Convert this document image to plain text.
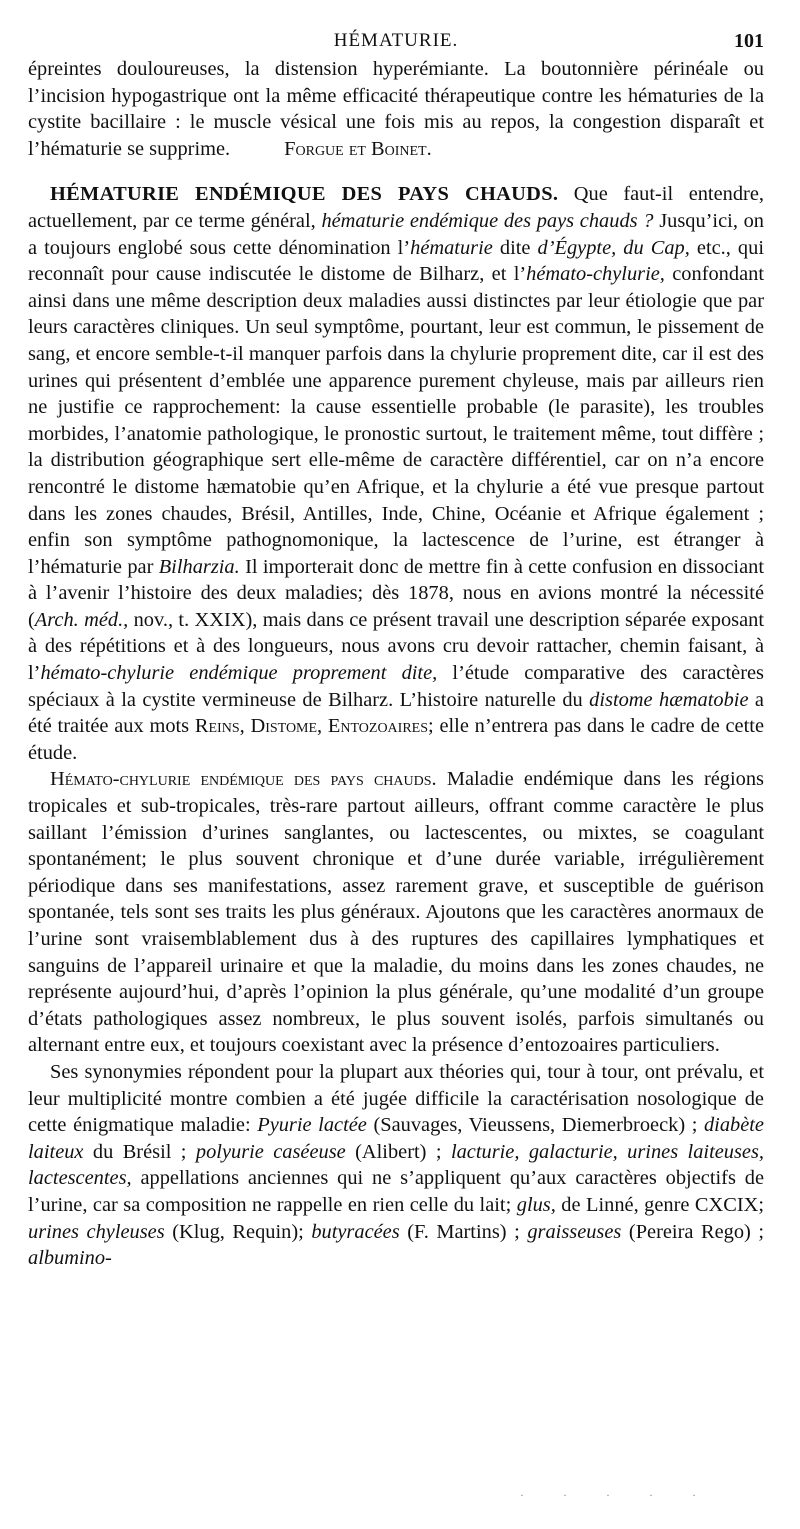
HÉMATURIE.	101

épreintes douloureuses, la distension hyperémiante. La boutonnière périnéale ou l’incision hypogastrique ont la même efficacité thérapeutique contre les hématuries de la cystite bacillaire : le muscle vésical une fois mis au repos, la congestion disparaît et l’hématurie se supprime.	Forgue et Boinet.

HÉMATURIE ENDÉMIQUE DES PAYS CHAUDS. Que faut-il entendre, actuellement, par ce terme général, hématurie endémique des pays chauds ? Jusqu’ici, on a toujours englobé sous cette dénomination l’hématurie dite d’Égypte, du Cap, etc., qui reconnaît pour cause indiscutée le distome de Bilharz, et l’hémato-chylurie, confondant ainsi dans une même description deux maladies aussi distinctes par leur étiologie que par leurs caractères cliniques. Un seul symptôme, pourtant, leur est commun, le pissement de sang, et encore semble-t-il manquer parfois dans la chylurie proprement dite, car il est des urines qui présentent d’emblée une apparence purement chyleuse, mais par ailleurs rien ne justifie ce rapprochement: la cause essentielle probable (le parasite), les troubles morbides, l’anatomie pathologique, le pronostic surtout, le traitement même, tout diffère ; la distribution géographique sert elle-même de caractère différentiel, car on n’a encore rencontré le distome hæmatobie qu’en Afrique, et la chylurie a été vue presque partout dans les zones chaudes, Brésil, Antilles, Inde, Chine, Océanie et Afrique également ; enfin son symptôme pathognomonique, la lactescence de l’urine, est étranger à l’hématurie par Bilharzia. Il importerait donc de mettre fin à cette confusion en dissociant à l’avenir l’histoire des deux maladies; dès 1878, nous en avions montré la nécessité (Arch. méd., nov., t. XXIX), mais dans ce présent travail une description séparée exposant à des répétitions et à des longueurs, nous avons cru devoir rattacher, chemin faisant, à l’hémato-chylurie endémique proprement dite, l’étude comparative des caractères spéciaux à la cystite vermineuse de Bilharz. L’histoire naturelle du distome hæmatobie a été traitée aux mots Reins, Distome, Entozoaires; elle n’entrera pas dans le cadre de cette étude.

Hémato-chylurie endémique des pays chauds. Maladie endémique dans les régions tropicales et sub-tropicales, très-rare partout ailleurs, offrant comme caractère le plus saillant l’émission d’urines sanglantes, ou lactescentes, ou mixtes, se coagulant spontanément; le plus souvent chronique et d’une durée variable, irrégulièrement périodique dans ses manifestations, assez rarement grave, et susceptible de guérison spontanée, tels sont ses traits les plus généraux. Ajoutons que les caractères anormaux de l’urine sont vraisemblablement dus à des ruptures des capillaires lymphatiques et sanguins de l’appareil urinaire et que la maladie, du moins dans les zones chaudes, ne représente aujourd’hui, d’après l’opinion la plus générale, qu’une modalité d’un groupe d’états pathologiques assez nombreux, le plus souvent isolés, parfois simultanés ou alternant entre eux, et toujours coexistant avec la présence d’entozoaires particuliers.

Ses synonymies répondent pour la plupart aux théories qui, tour à tour, ont prévalu, et leur multiplicité montre combien a été jugée difficile la caractérisation nosologique de cette énigmatique maladie: Pyurie lactée (Sauvages, Vieussens, Diemerbroeck) ; diabète laiteux du Brésil ; polyurie caséeuse (Alibert) ; lacturie, galacturie, urines laiteuses, lactescentes, appellations anciennes qui ne s’appliquent qu’aux caractères objectifs de l’urine, car sa composition ne rappelle en rien celle du lait; glus, de Linné, genre CXCIX; urines chyleuses (Klug, Requin); butyracées (F. Martins) ; graisseuses (Pereira Rego) ; albumino-

· · · · ·
